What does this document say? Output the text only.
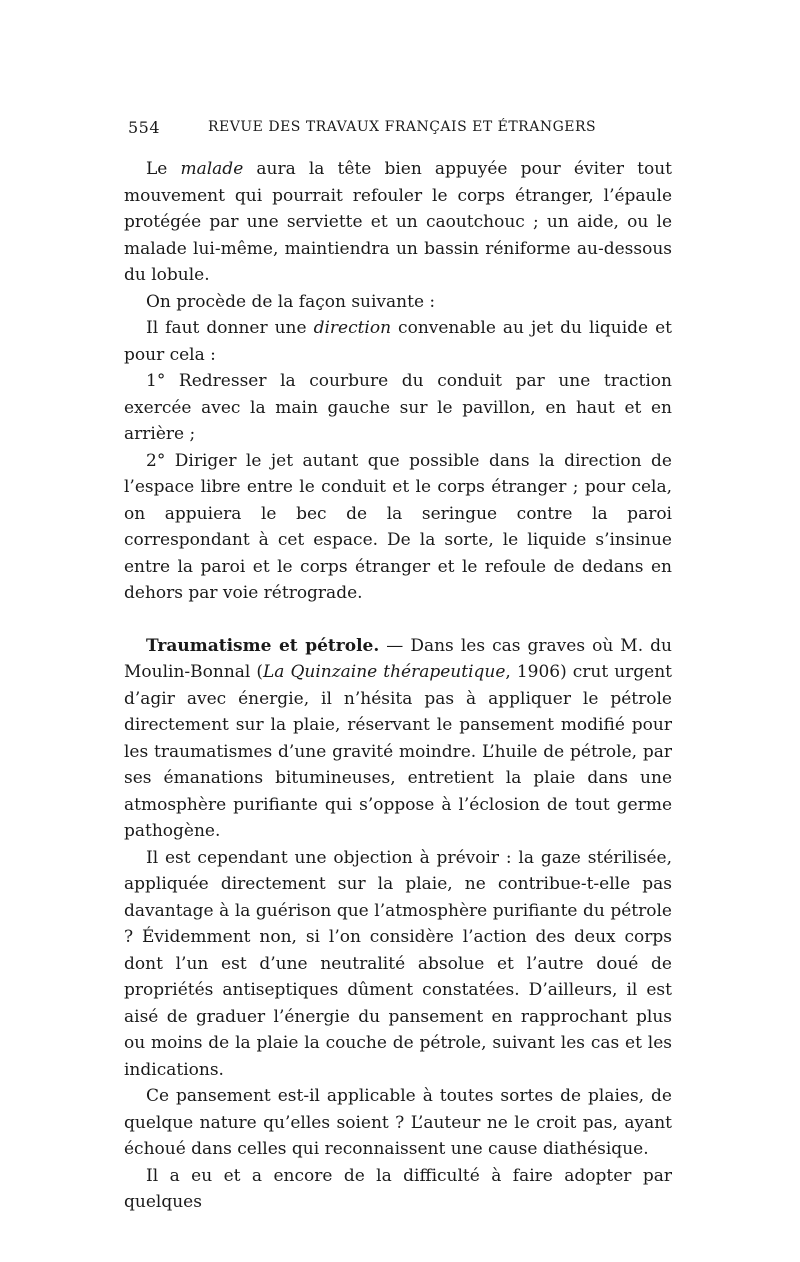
554	REVUE DES TRAVAUX FRANÇAIS ET ÉTRANGERS

Le malade aura la tête bien appuyée pour éviter tout mouvement qui pourrait refouler le corps étranger, l’épaule protégée par une serviette et un caoutchouc ; un aide, ou le malade lui-même, maintiendra un bassin réniforme au-dessous du lobule.

On procède de la façon suivante :

Il faut donner une direction convenable au jet du liquide et pour cela :

1° Redresser la courbure du conduit par une traction exercée avec la main gauche sur le pavillon, en haut et en arrière ;

2° Diriger le jet autant que possible dans la direction de l’espace libre entre le conduit et le corps étranger ; pour cela, on appuiera le bec de la seringue contre la paroi correspondant à cet espace. De la sorte, le liquide s’insinue entre la paroi et le corps étranger et le refoule de dedans en dehors par voie rétrograde.

Traumatisme et pétrole. — Dans les cas graves où M. du Moulin-Bonnal (La Quinzaine thérapeutique, 1906) crut urgent d’agir avec énergie, il n’hésita pas à appliquer le pétrole directement sur la plaie, réservant le pansement modifié pour les traumatismes d’une gravité moindre. L’huile de pétrole, par ses émanations bitumineuses, entretient la plaie dans une atmosphère purifiante qui s’oppose à l’éclosion de tout germe pathogène.

Il est cependant une objection à prévoir : la gaze stérilisée, appliquée directement sur la plaie, ne contribue-t-elle pas davantage à la guérison que l’atmosphère purifiante du pétrole ? Évidemment non, si l’on considère l’action des deux corps dont l’un est d’une neutralité absolue et l’autre doué de propriétés antiseptiques dûment constatées. D’ailleurs, il est aisé de graduer l’énergie du pansement en rapprochant plus ou moins de la plaie la couche de pétrole, suivant les cas et les indications.

Ce pansement est-il applicable à toutes sortes de plaies, de quelque nature qu’elles soient ? L’auteur ne le croit pas, ayant échoué dans celles qui reconnaissent une cause diathésique.

Il a eu et a encore de la difficulté à faire adopter par quelques
